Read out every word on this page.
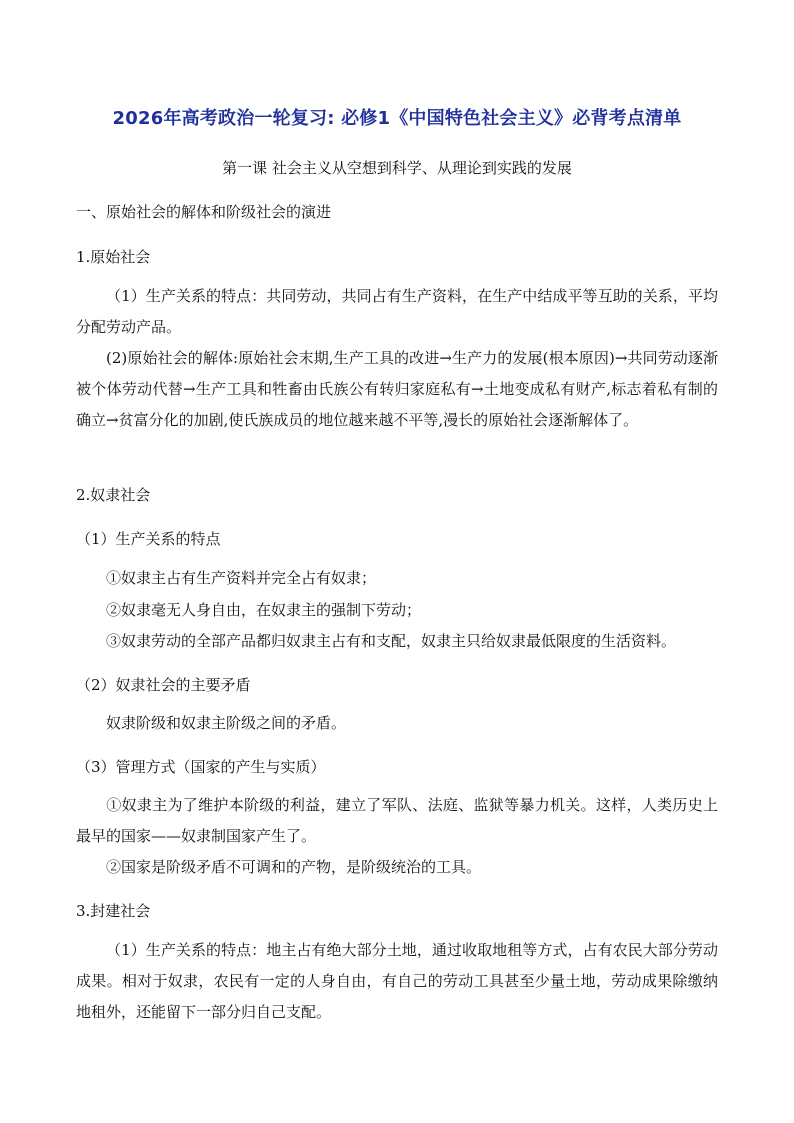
2026年高考政治一轮复习: 必修1《中国特色社会主义》必背考点清单
第一课 社会主义从空想到科学、从理论到实践的发展
一、原始社会的解体和阶级社会的演进
1.原始社会
（1）生产关系的特点：共同劳动，共同占有生产资料，在生产中结成平等互助的关系，平均分配劳动产品。
(2)原始社会的解体:原始社会末期,生产工具的改进→生产力的发展(根本原因)→共同劳动逐渐被个体劳动代替→生产工具和牲畜由氏族公有转归家庭私有→土地变成私有财产,标志着私有制的确立→贫富分化的加剧,使氏族成员的地位越来越不平等,漫长的原始社会逐渐解体了。
2.奴隶社会
（1）生产关系的特点
①奴隶主占有生产资料并完全占有奴隶；
②奴隶毫无人身自由，在奴隶主的强制下劳动；
③奴隶劳动的全部产品都归奴隶主占有和支配，奴隶主只给奴隶最低限度的生活资料。
（2）奴隶社会的主要矛盾
奴隶阶级和奴隶主阶级之间的矛盾。
（3）管理方式（国家的产生与实质）
①奴隶主为了维护本阶级的利益，建立了军队、法庭、监狱等暴力机关。这样，人类历史上最早的国家——奴隶制国家产生了。
②国家是阶级矛盾不可调和的产物，是阶级统治的工具。
3.封建社会
（1）生产关系的特点：地主占有绝大部分土地，通过收取地租等方式，占有农民大部分劳动成果。相对于奴隶，农民有一定的人身自由，有自己的劳动工具甚至少量土地，劳动成果除缴纳地租外，还能留下一部分归自己支配。
